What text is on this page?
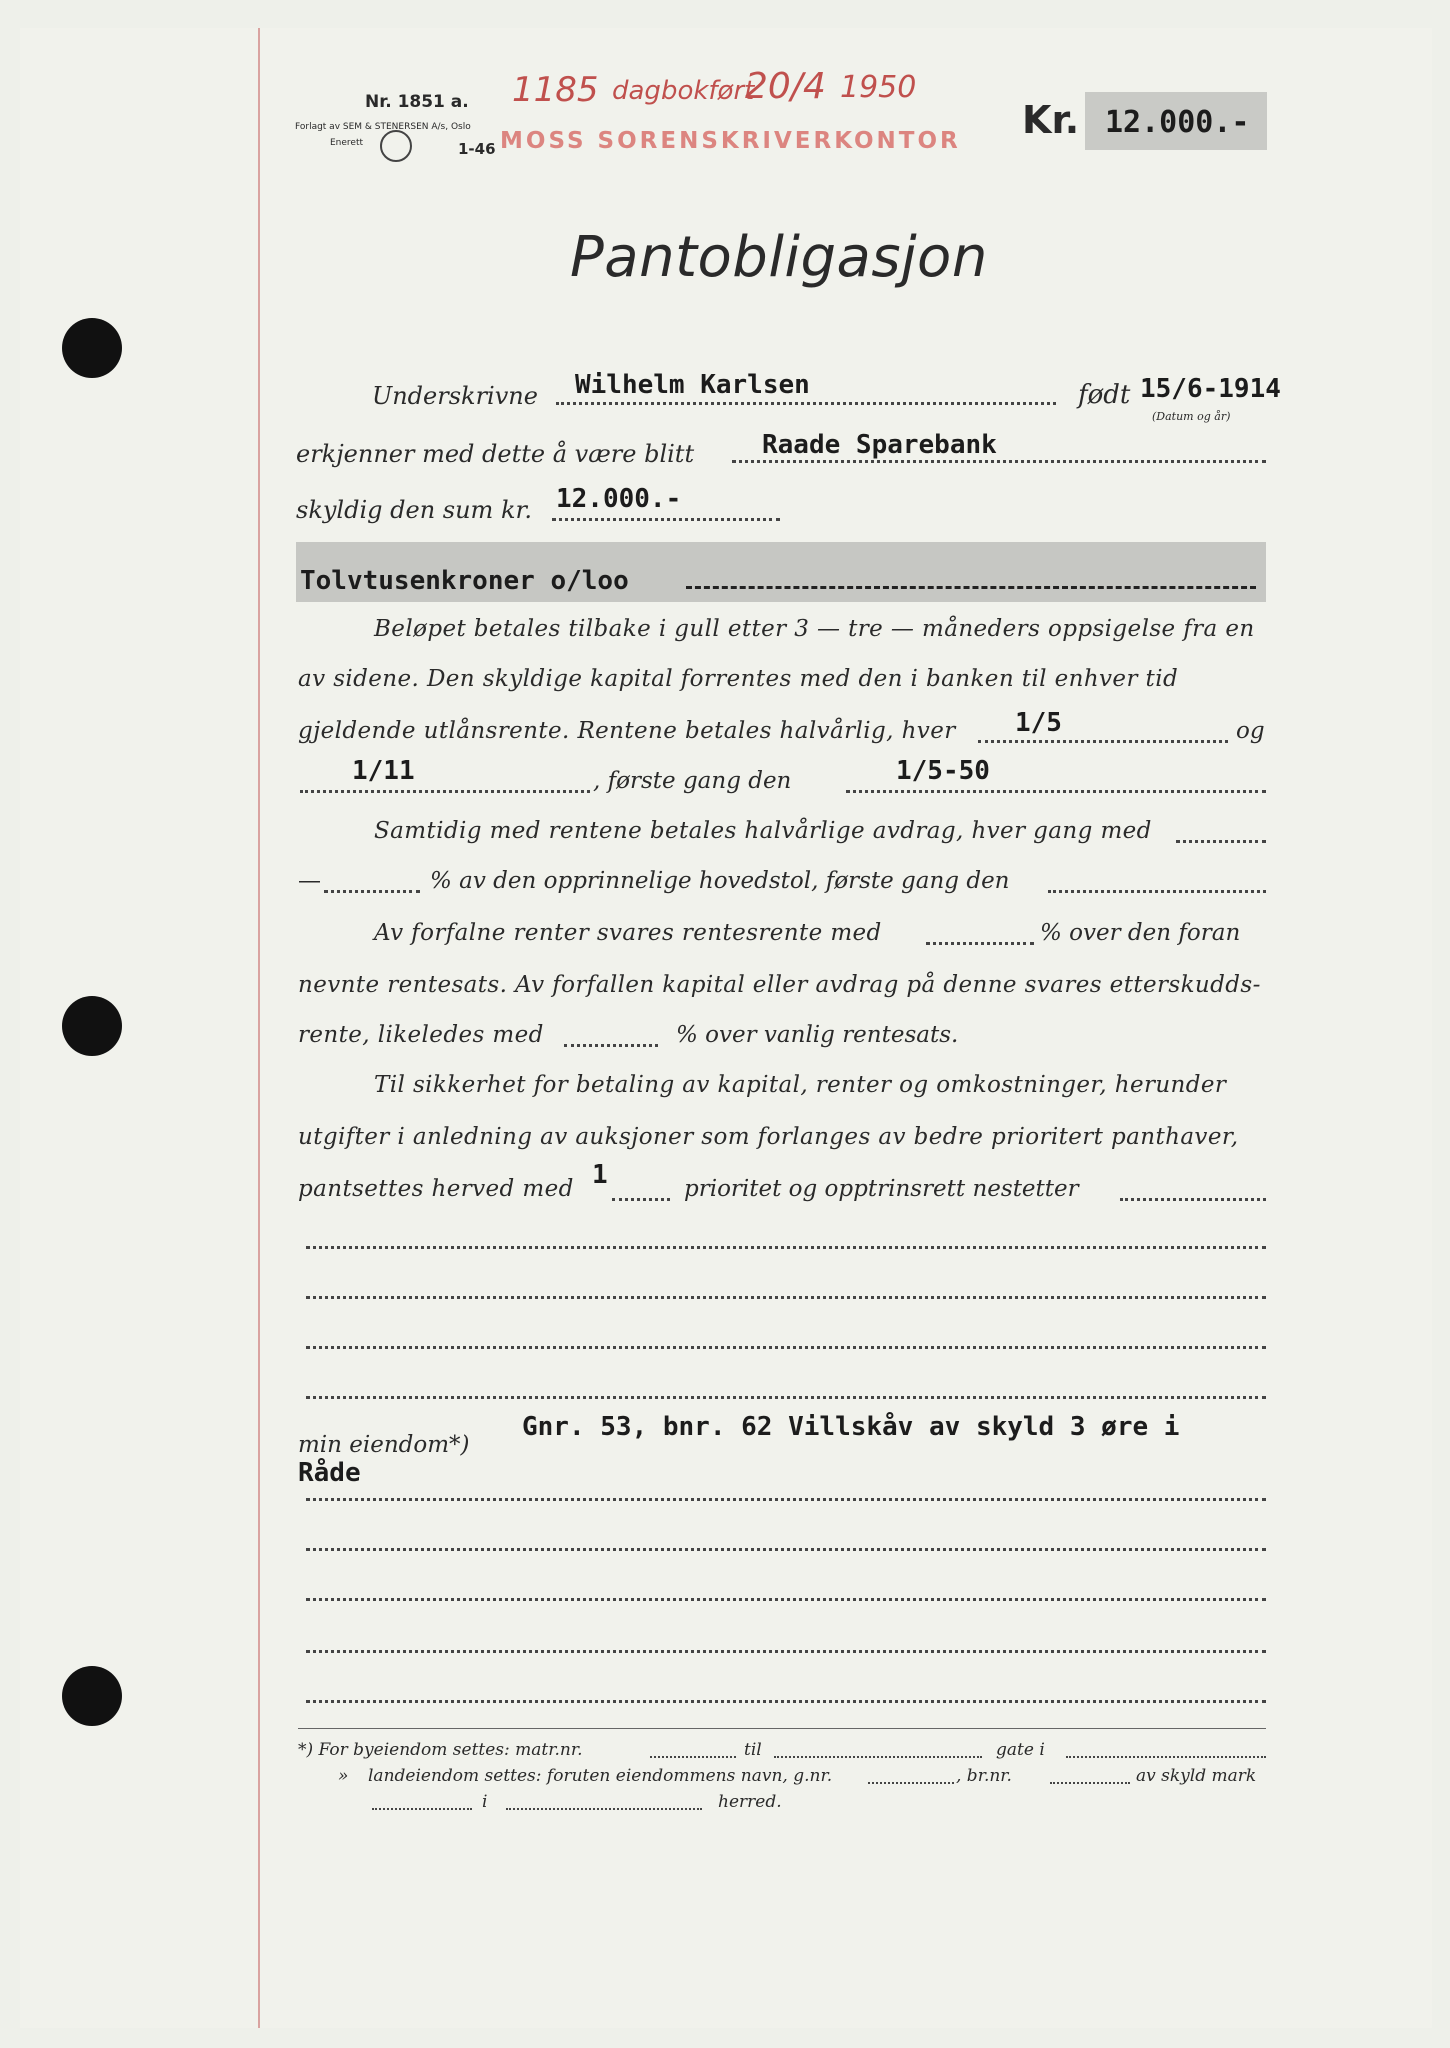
Nr. 1851 a.
Forlagt av SEM & STENERSEN A/s, Oslo
Enerett	1-46
1185 dagbokført
20/4 1950
MOSS SORENSKRIVERKONTOR Kr. 12.000.-
Pantobligasjon
Underskrivne Wilhelm Karlsen	født 15/6-1914
(Datum og år)
erkjenner med dette å være blitt	Raade Sparebank
skyldig den sum kr. 12.000.-
Tolvtusenkroner o/loo
Beløpet betales tilbake i gull etter 3 — tre — måneders oppsigelse fra en
av sidene. Den skyldige kapital forrentes med den i banken til enhver tid
gjeldende utlånsrente. Rentene betales halvårlig, hver 1/5	og
1/11	, første gang den	1/5-50
Samtidig med rentene betales halvårlige avdrag, hver gang med
—	% av den opprinnelige hovedstol, første gang den
Av forfalne renter svares rentesrente med	% over den foran
nevnte rentesats. Av forfallen kapital eller avdrag på denne svares etterskudds-
rente, likeledes med	% over vanlig rentesats.
Til sikkerhet for betaling av kapital, renter og omkostninger, herunder
utgifter i anledning av auksjoner som forlanges av bedre prioritert panthaver,
pantsettes herved med 1	prioritet og opptrinsrett nestetter
min eiendom*)
Gnr. 53, bnr. 62 Villskåv av skyld 3 øre i
Råde
*) For byeiendom settes: matr.nr.	til	gate i
» landeiendom settes: foruten eiendommens navn, g.nr.	, br.nr.	av skyld mark
i	herred.
